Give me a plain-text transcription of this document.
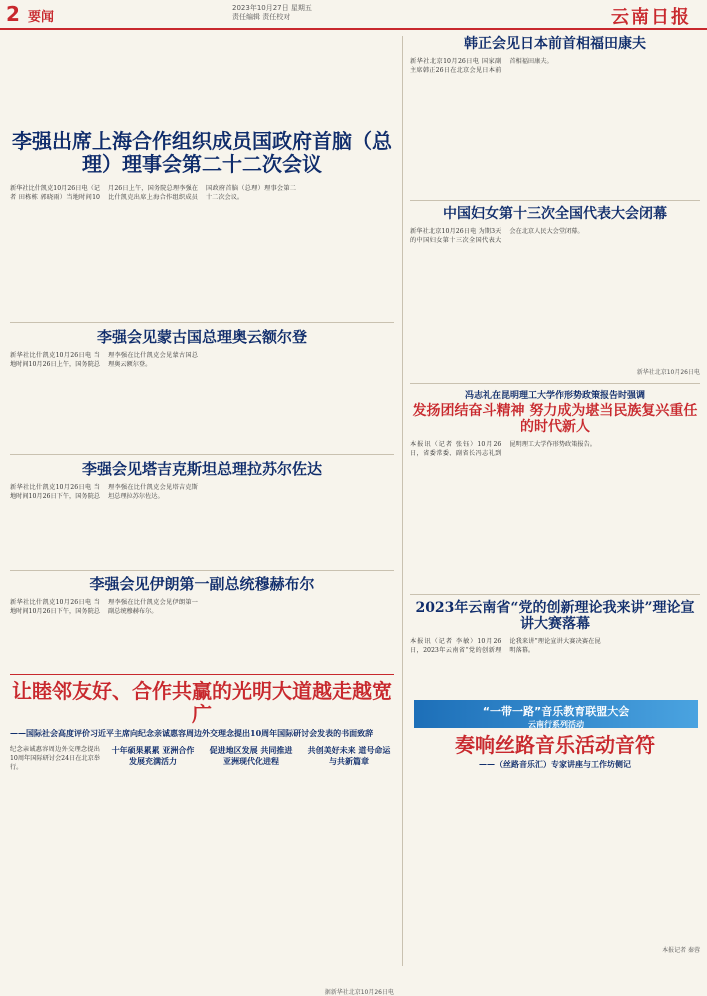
2 要闻
2023年10月27日 星期五
责任编辑 责任校对	云南日报
李强出席上海合作组织成员国政府首脑（总理）理事会第二十二次会议
新华社比什凯克10月26日电（记者 田栋栋 郭晓雨）当地时间10月26日上午，国务院总理李强在比什凯克出席上海合作组织成员国政府首脑（总理）理事会第二十二次会议。
李强会见蒙古国总理奥云额尔登
新华社比什凯克10月26日电 当地时间10月26日上午，国务院总理李强在比什凯克会见蒙古国总理奥云额尔登。
李强会见塔吉克斯坦总理拉苏尔佐达
新华社比什凯克10月26日电 当地时间10月26日下午，国务院总理李强在比什凯克会见塔吉克斯坦总理拉苏尔佐达。
李强会见伊朗第一副总统穆赫布尔
新华社比什凯克10月26日电 当地时间10月26日下午，国务院总理李强在比什凯克会见伊朗第一副总统穆赫布尔。
让睦邻友好、合作共赢的光明大道越走越宽广
——国际社会高度评价习近平主席向纪念亲诚惠容周边外交理念提出10周年国际研讨会发表的书面致辞
纪念亲诚惠容周边外交理念提出10周年国际研讨会24日在北京举行。
十年硕果累累 亚洲合作发展充满活力
促进地区发展 共同推进亚洲现代化进程
共创美好未来 道号命运与共新篇章
据新华社北京10月26日电
韩正会见日本前首相福田康夫
新华社北京10月26日电 国家副主席韩正26日在北京会见日本前首相福田康夫。
中国妇女第十三次全国代表大会闭幕
新华社北京10月26日电 为期3天的中国妇女第十三次全国代表大会在北京人民大会堂闭幕。
新华社北京10月26日电
冯志礼在昆明理工大学作形势政策报告时强调
发扬团结奋斗精神 努力成为堪当民族复兴重任的时代新人
本报讯（记者 张钰）10月26日，省委常委、副省长冯志礼到昆明理工大学作形势政策报告。
2023年云南省“党的创新理论我来讲”理论宣讲大赛落幕
本报讯（记者 李敏）10月26日，2023年云南省“党的创新理论我来讲”理论宣讲大赛决赛在昆明落幕。
“一带一路”音乐教育联盟大会
云南行系列活动
奏响丝路音乐活动音符
——（丝路音乐汇）专家讲座与工作坊侧记
本报记者 秦蓉
